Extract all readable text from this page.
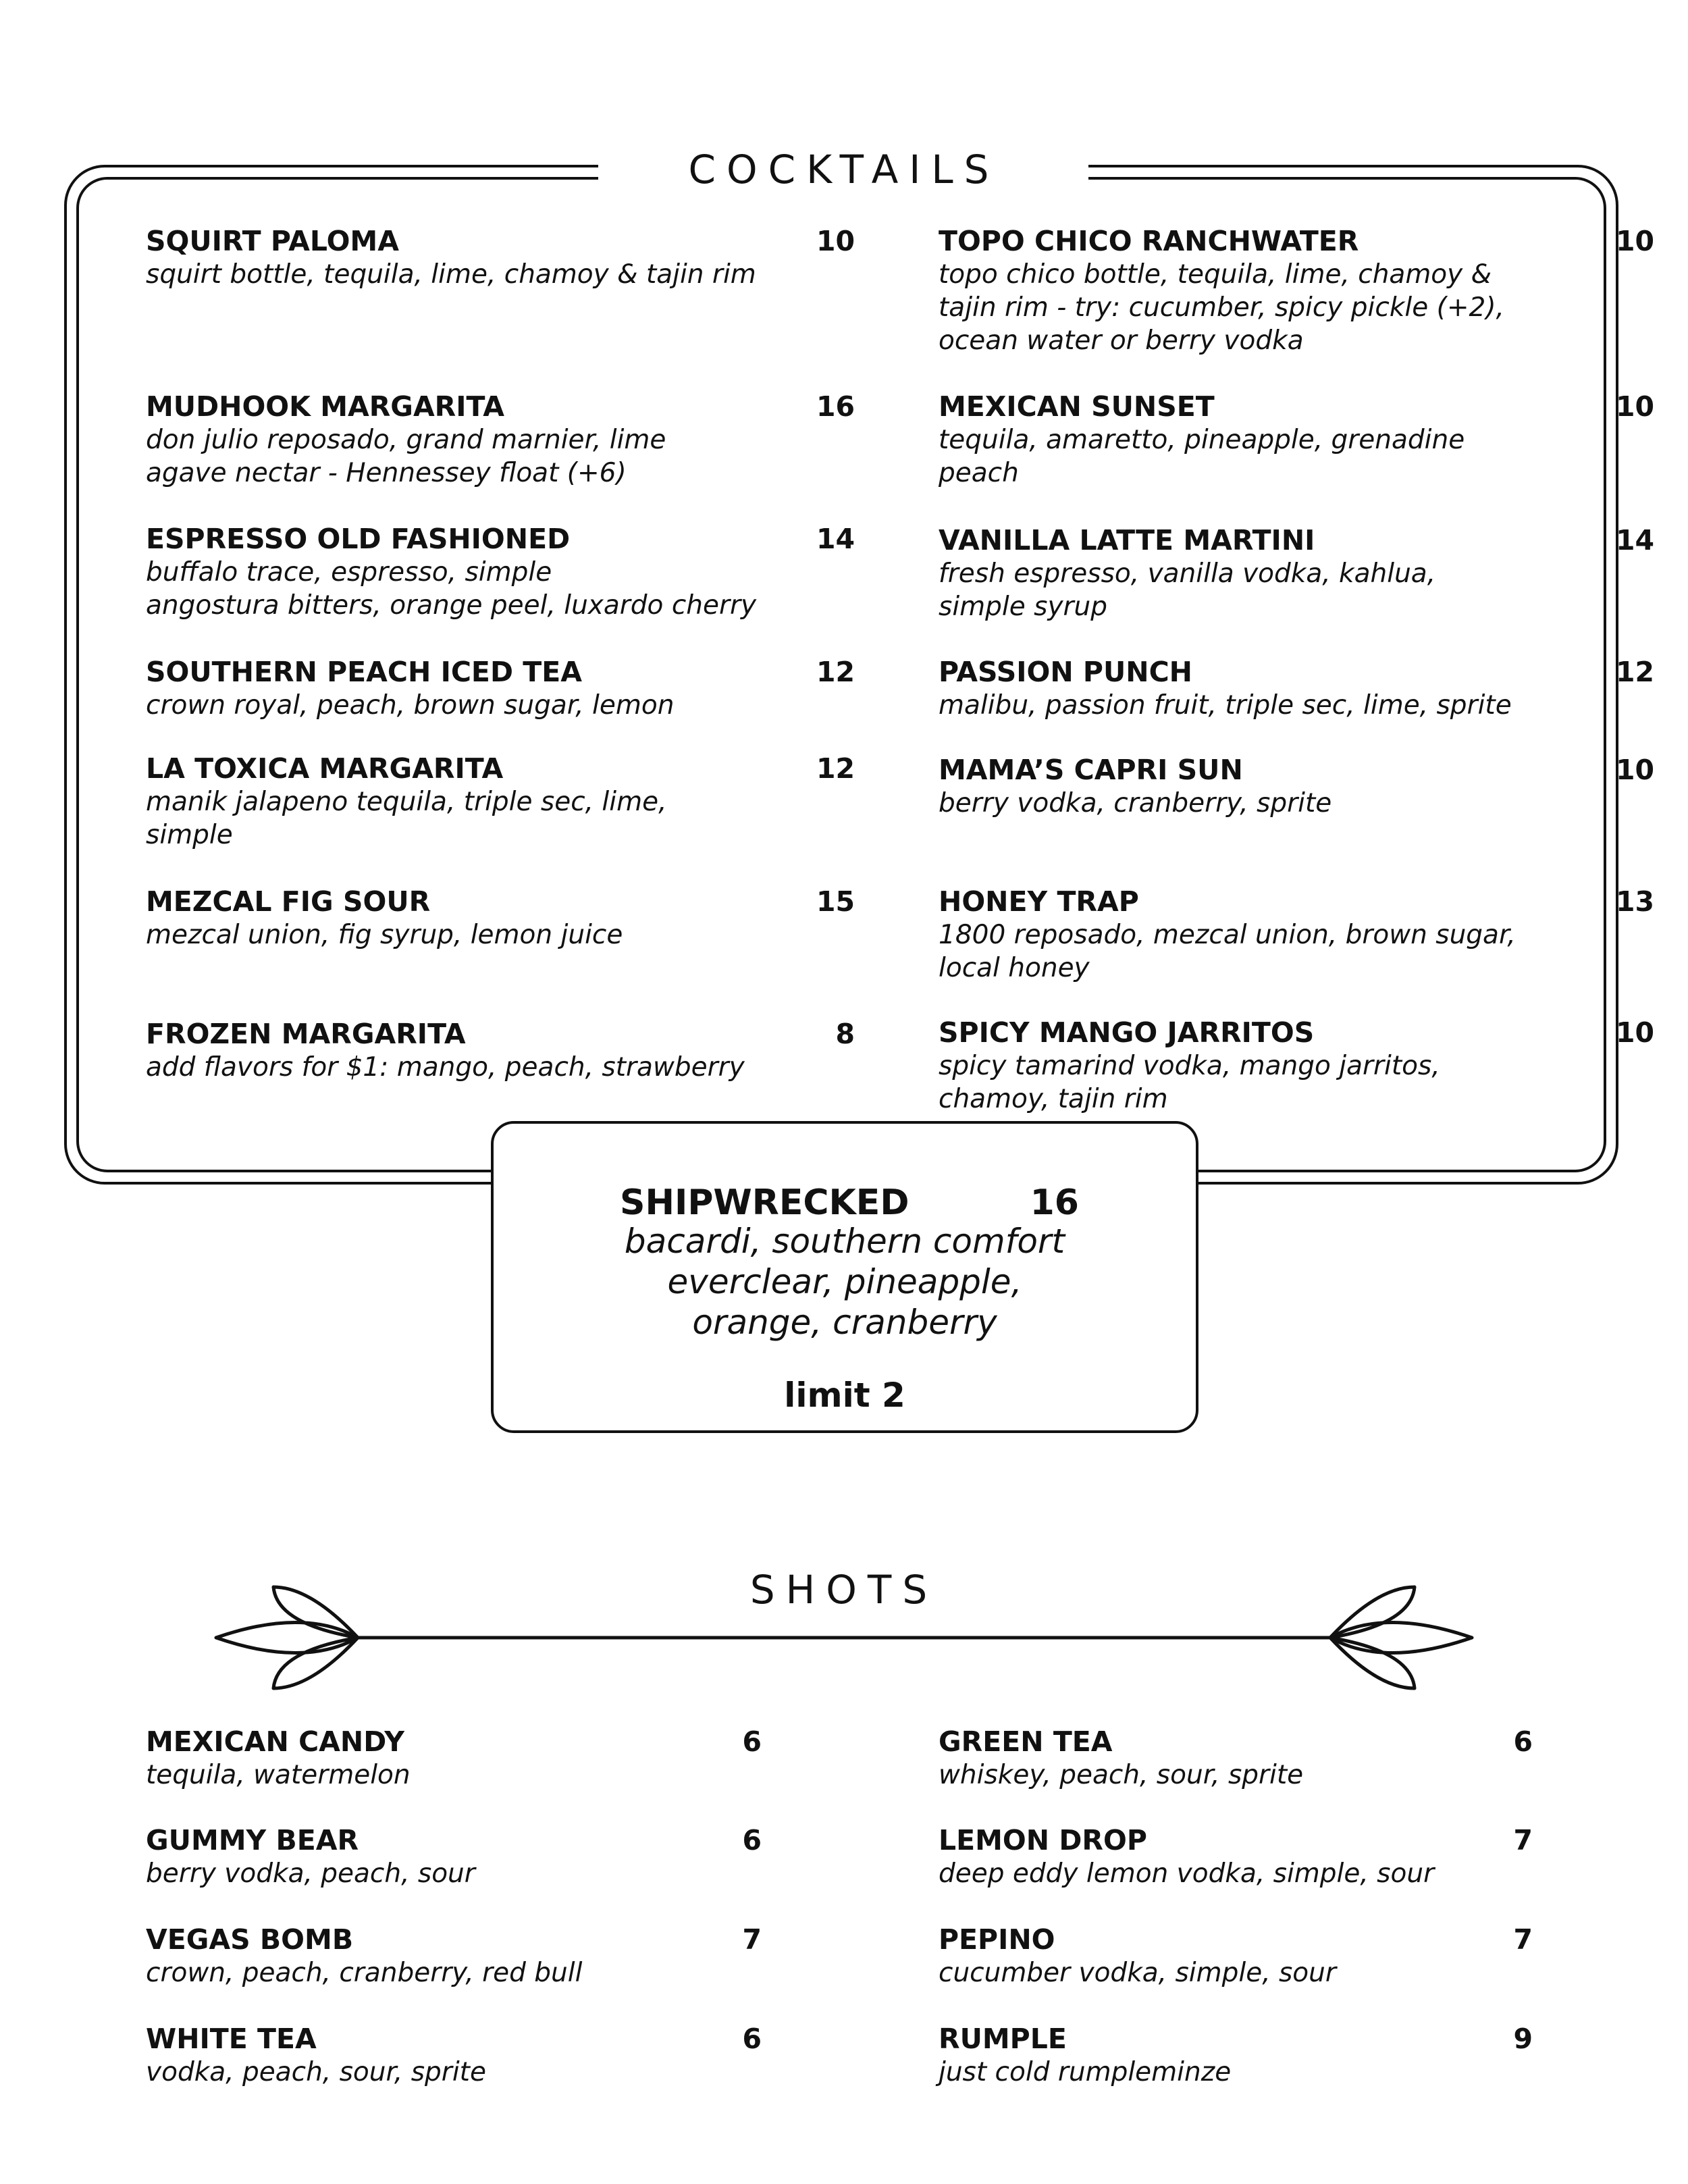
COCKTAILS
SQUIRT PALOMA	10
squirt bottle, tequila, lime, chamoy & tajin rim
MUDHOOK MARGARITA	16
don julio reposado, grand marnier, lime
agave nectar - Hennessey float (+6)
ESPRESSO OLD FASHIONED	14
buffalo trace, espresso, simple
angostura bitters, orange peel, luxardo cherry
SOUTHERN PEACH ICED TEA	12
crown royal, peach, brown sugar, lemon
LA TOXICA MARGARITA	12
manik jalapeno tequila, triple sec, lime,
simple
MEZCAL FIG SOUR	15
mezcal union, fig syrup, lemon juice
FROZEN MARGARITA	8
add flavors for $1: mango, peach, strawberry
TOPO CHICO RANCHWATER	10
topo chico bottle, tequila, lime, chamoy &
tajin rim - try: cucumber, spicy pickle (+2),
ocean water or berry vodka
MEXICAN SUNSET	10
tequila, amaretto, pineapple, grenadine
peach
VANILLA LATTE MARTINI	14
fresh espresso, vanilla vodka, kahlua,
simple syrup
PASSION PUNCH	12
malibu, passion fruit, triple sec, lime, sprite
MAMA’S CAPRI SUN	10
berry vodka, cranberry, sprite
HONEY TRAP	13
1800 reposado, mezcal union, brown sugar,
local honey
SPICY MANGO JARRITOS	10
spicy tamarind vodka, mango jarritos,
chamoy, tajin rim
SHIPWRECKED	16
bacardi, southern comfort
everclear, pineapple,
orange, cranberry
limit 2
SHOTS
MEXICAN CANDY	6
tequila, watermelon
GUMMY BEAR	6
berry vodka, peach, sour
VEGAS BOMB	7
crown, peach, cranberry, red bull
WHITE TEA	6
vodka, peach, sour, sprite
GREEN TEA	6
whiskey, peach, sour, sprite
LEMON DROP	7
deep eddy lemon vodka, simple, sour
PEPINO	7
cucumber vodka, simple, sour
RUMPLE	9
just cold rumpleminze
